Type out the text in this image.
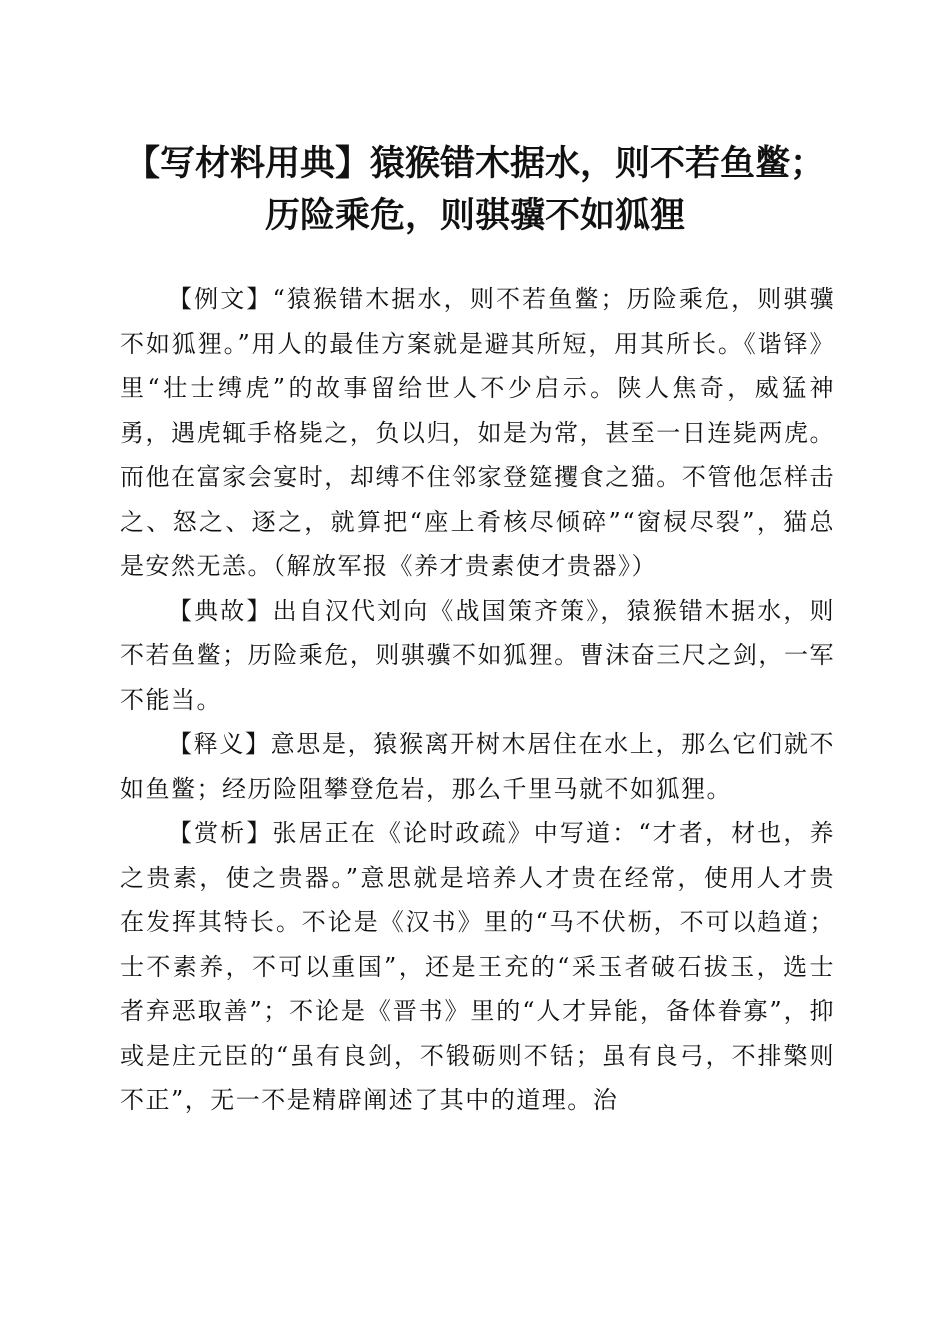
【写材料用典】猿猴错木据水，则不若鱼鳖；
历险乘危，则骐骥不如狐狸

【例文】“猿猴错木据水，则不若鱼鳖；历险乘危，则骐骥不如狐狸。”用人的最佳方案就是避其所短，用其所长。《谐铎》里“壮士缚虎”的故事留给世人不少启示。陕人焦奇，威猛神勇，遇虎辄手格毙之，负以归，如是为常，甚至一日连毙两虎。而他在富家会宴时，却缚不住邻家登筵攫食之猫。不管他怎样击之、怒之、逐之，就算把“座上肴核尽倾碎”“窗棂尽裂”，猫总是安然无恙。（解放军报《养才贵素使才贵器》）

【典故】出自汉代刘向《战国策齐策》，猿猴错木据水，则不若鱼鳖；历险乘危，则骐骥不如狐狸。曹沫奋三尺之剑，一军不能当。

【释义】意思是，猿猴离开树木居住在水上，那么它们就不如鱼鳖；经历险阻攀登危岩，那么千里马就不如狐狸。

【赏析】张居正在《论时政疏》中写道：“才者，材也，养之贵素，使之贵器。”意思就是培养人才贵在经常，使用人才贵在发挥其特长。不论是《汉书》里的“马不伏枥，不可以趋道；士不素养，不可以重国”，还是王充的“采玉者破石拔玉，选士者弃恶取善”；不论是《晋书》里的“人才异能，备体眷寡”，抑或是庄元臣的“虽有良剑，不锻砺则不铦；虽有良弓，不排檠则不正”，无一不是精辟阐述了其中的道理。治
